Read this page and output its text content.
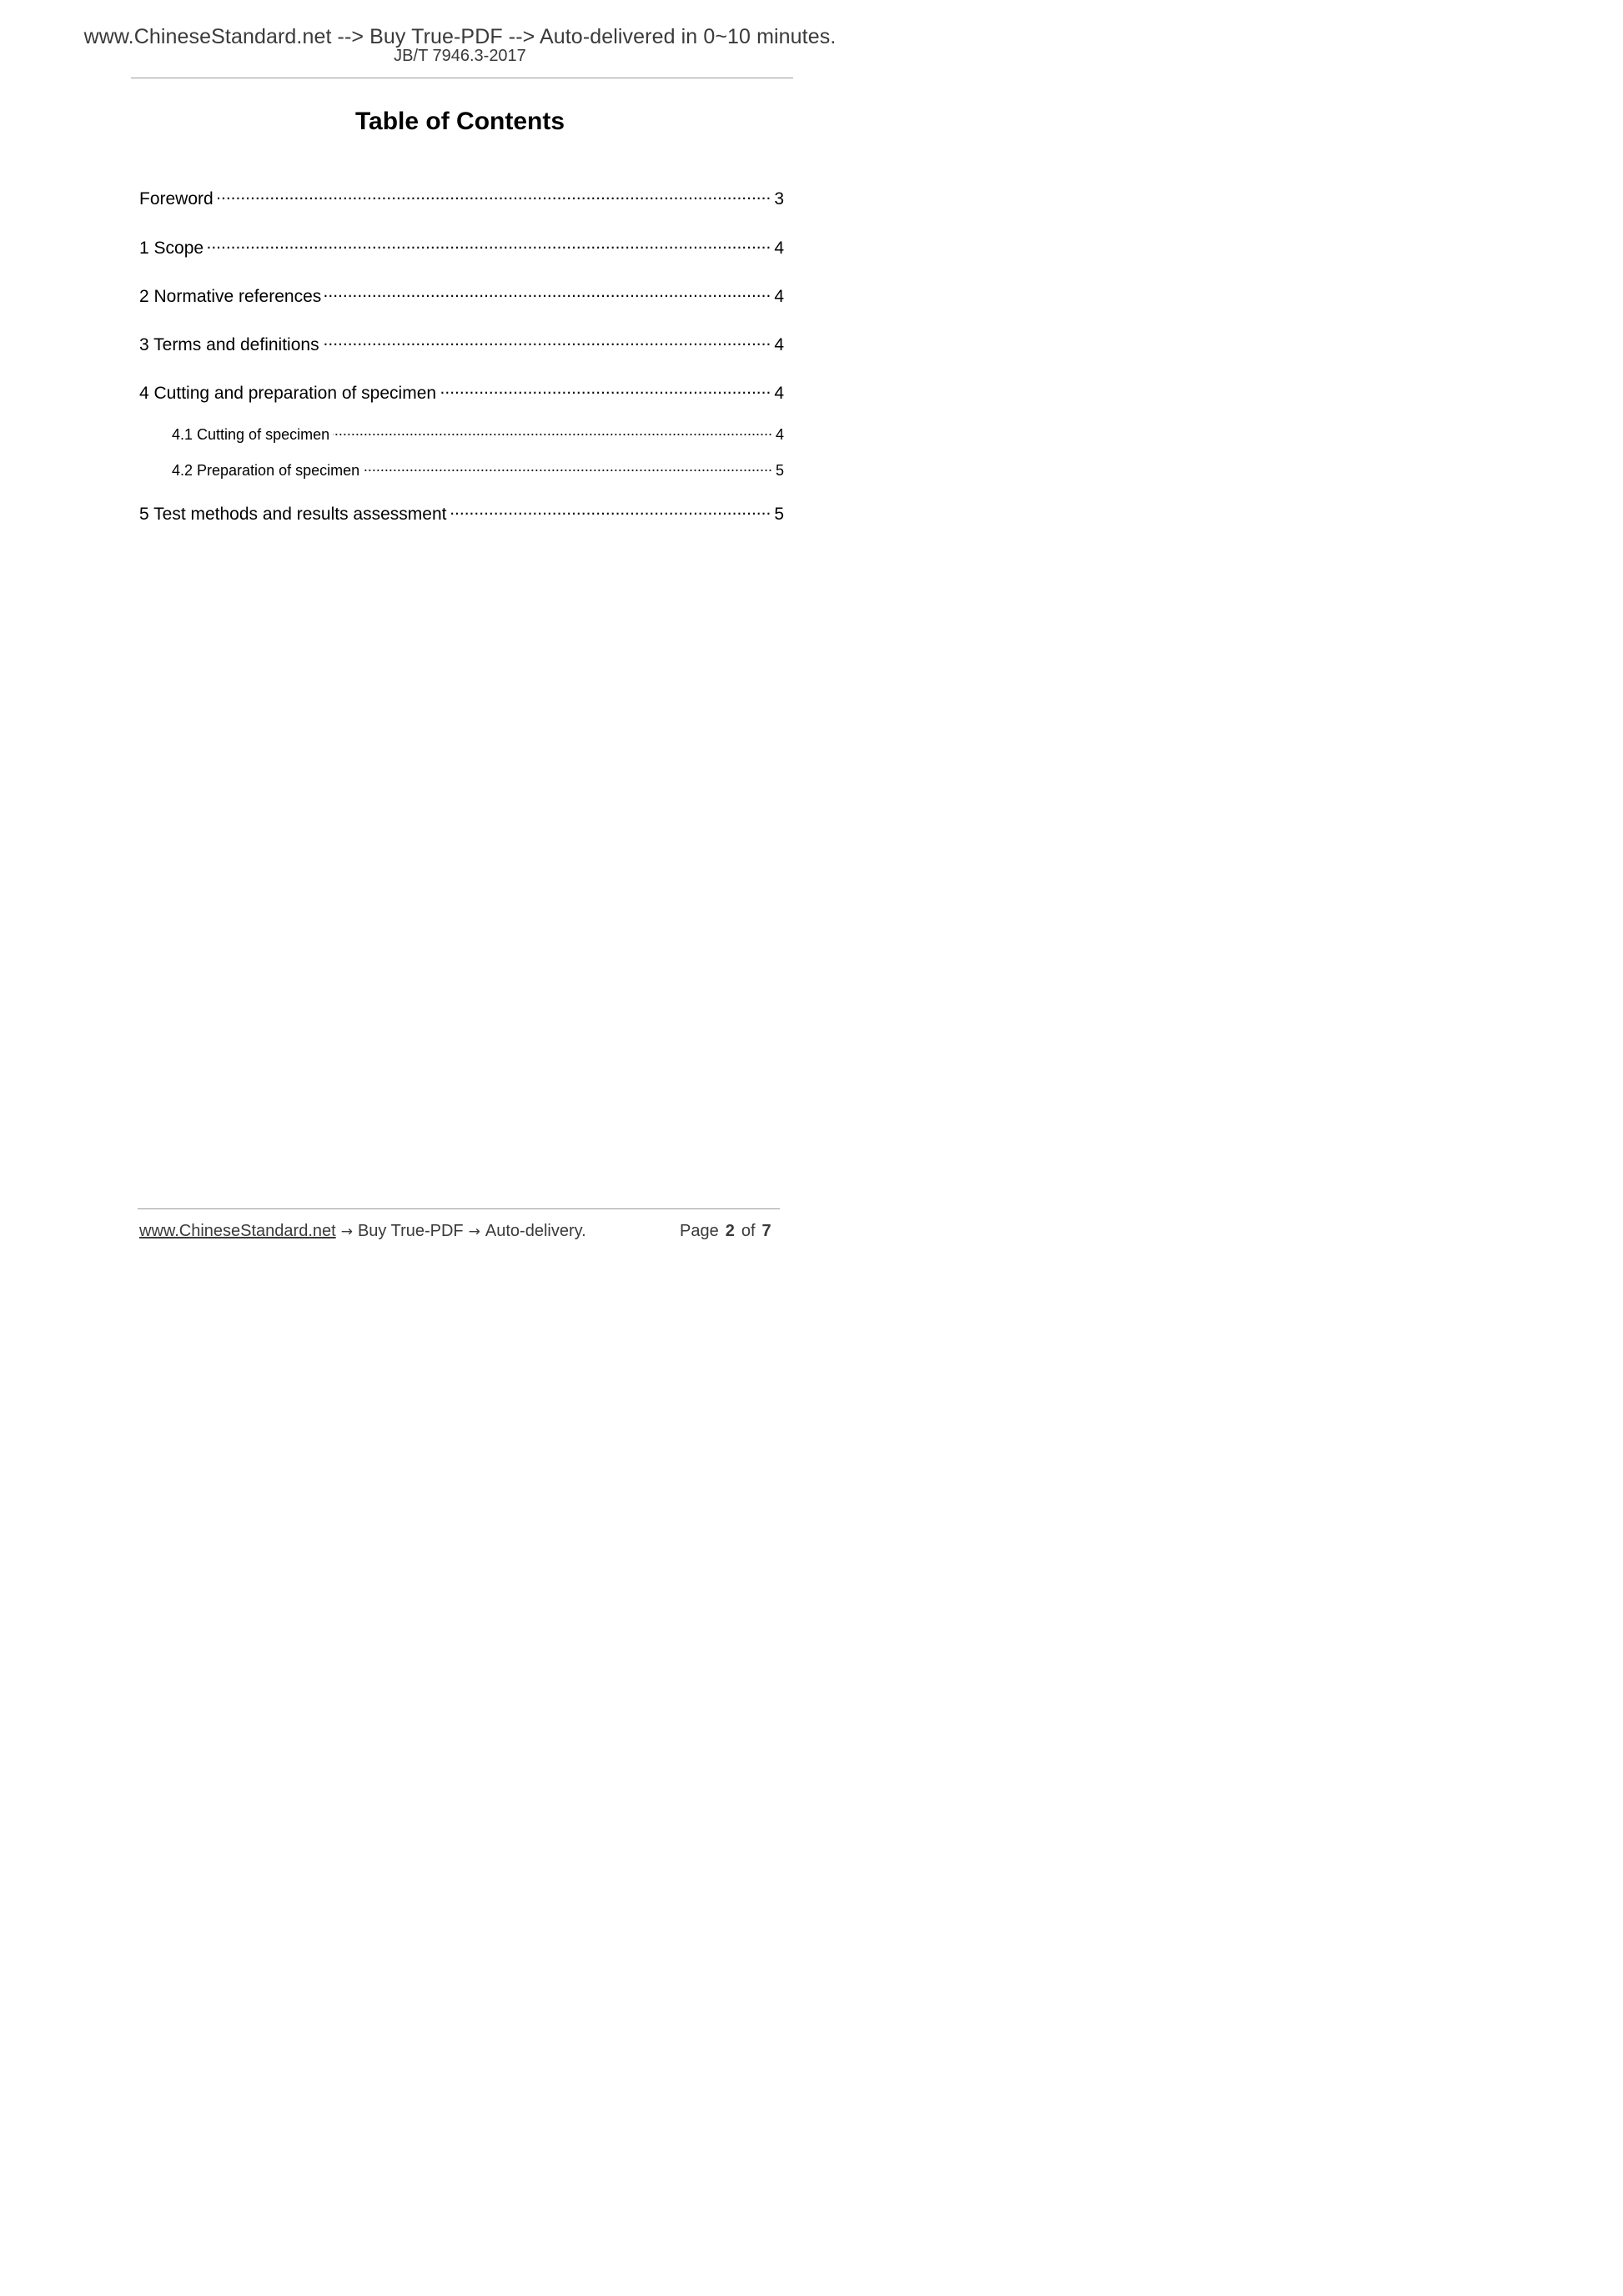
www.ChineseStandard.net --> Buy True-PDF --> Auto-delivered in 0~10 minutes.
JB/T 7946.3-2017
Table of Contents
Foreword .....	3
1 Scope .....	4
2 Normative references .....	4
3 Terms and definitions .....	4
4 Cutting and preparation of specimen .....	4
4.1 Cutting of specimen .....	4
4.2 Preparation of specimen .....	5
5 Test methods and results assessment .....	5
www.ChineseStandard.net → Buy True-PDF → Auto-delivery.	Page 2 of 7
